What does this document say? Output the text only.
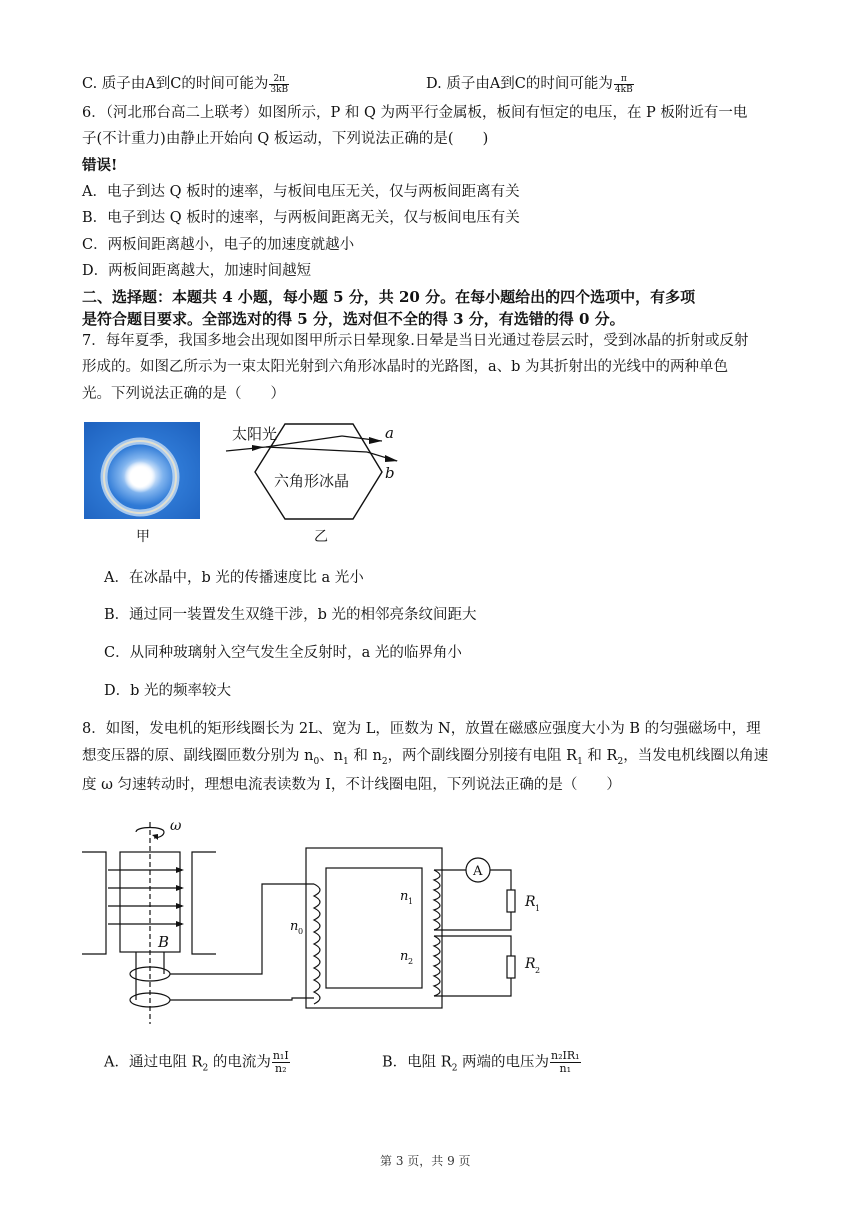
C. 质子由A到C的时间可能为 $\frac{2\pi}{3kB}$	D. 质子由A到C的时间可能为 $\frac{\pi}{4kB}$
6．（河北邢台高二上联考）如图所示，P 和 Q 为两平行金属板，板间有恒定的电压，在 P 板附近有一电
子(不计重力)由静止开始向 Q 板运动，下列说法正确的是(　　)
错误!
A．电子到达 Q 板时的速率，与板间电压无关，仅与两板间距离有关
B．电子到达 Q 板时的速率，与两板间距离无关，仅与板间电压有关
C．两板间距离越小，电子的加速度就越小
D．两板间距离越大，加速时间越短
二、选择题：本题共 4 小题，每小题 5 分，共 20 分。在每小题给出的四个选项中，有多项
是符合题目要求。全部选对的得 5 分，选对但不全的得 3 分，有选错的得 0 分。
7．每年夏季，我国多地会出现如图甲所示日晕现象.日晕是当日光通过卷层云时，受到冰晶的折射或反射
形成的。如图乙所示为一束太阳光射到六角形冰晶时的光路图，a、b 为其折射出的光线中的两种单色
光。下列说法正确的是（　　）
甲
太阳光
六角形冰晶
a
b
乙
A．在冰晶中，b 光的传播速度比 a 光小
B．通过同一装置发生双缝干涉，b 光的相邻亮条纹间距大
C．从同种玻璃射入空气发生全反射时，a 光的临界角小
D．b 光的频率较大
8．如图，发电机的矩形线圈长为 2L、宽为 L，匝数为 N，放置在磁感应强度大小为 B 的匀强磁场中，理
想变压器的原、副线圈匝数分别为 $n_0$、$n_1$ 和 $n_2$，两个副线圈分别接有电阻 $R_1$ 和 $R_2$，当发电机线圈以角速
度 ω 匀速转动时，理想电流表读数为 I，不计线圈电阻，下列说法正确的是（　　）
ω
B
A
n 0
n 1
n 2
R 1
R 2
A．通过电阻 $R_2$ 的电流为 $\frac{\text{n₁I}}{\text{n₂}}$	B．电阻 $R_2$ 两端的电压为 $\frac{\text{n₂IR₁}}{\text{n₁}}$
第 3 页，共 9 页
